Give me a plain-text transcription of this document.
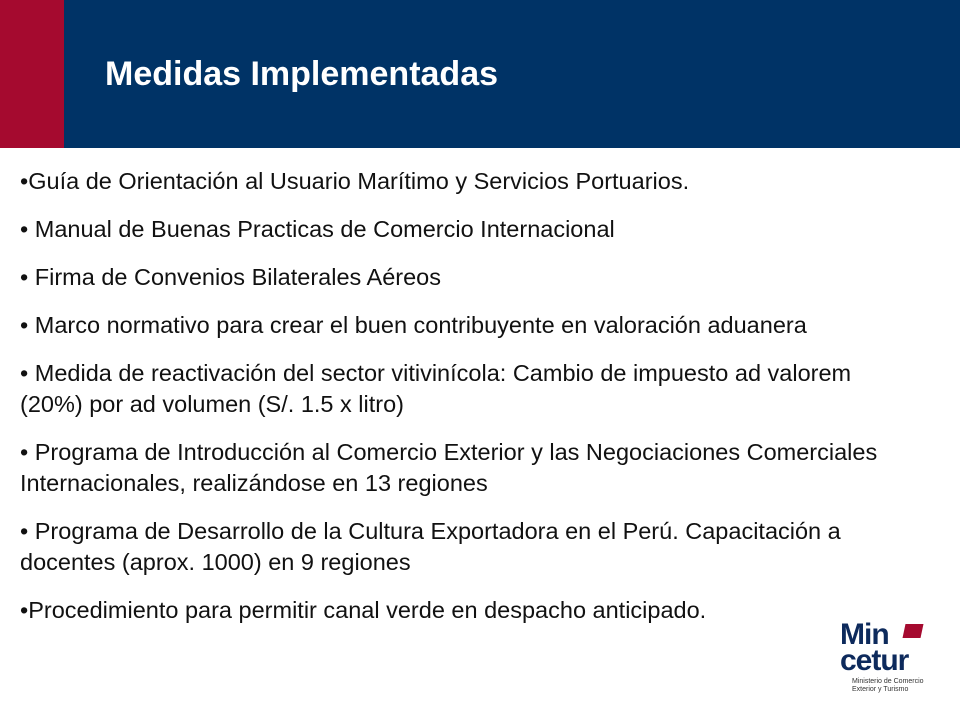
Medidas Implementadas
•Guía de Orientación al Usuario Marítimo y Servicios Portuarios.
• Manual de Buenas Practicas de Comercio Internacional
• Firma de Convenios Bilaterales Aéreos
• Marco normativo para crear el buen contribuyente en valoración aduanera
• Medida de reactivación del sector vitivinícola: Cambio de impuesto ad valorem (20%) por ad volumen (S/. 1.5 x litro)
• Programa de Introducción al Comercio Exterior y las Negociaciones Comerciales Internacionales, realizándose en 13 regiones
• Programa de Desarrollo de la Cultura Exportadora en el Perú. Capacitación a docentes (aprox. 1000) en 9 regiones
•Procedimiento para permitir canal verde en despacho anticipado.
Min
cetur
Ministerio de Comercio
Exterior y Turismo
